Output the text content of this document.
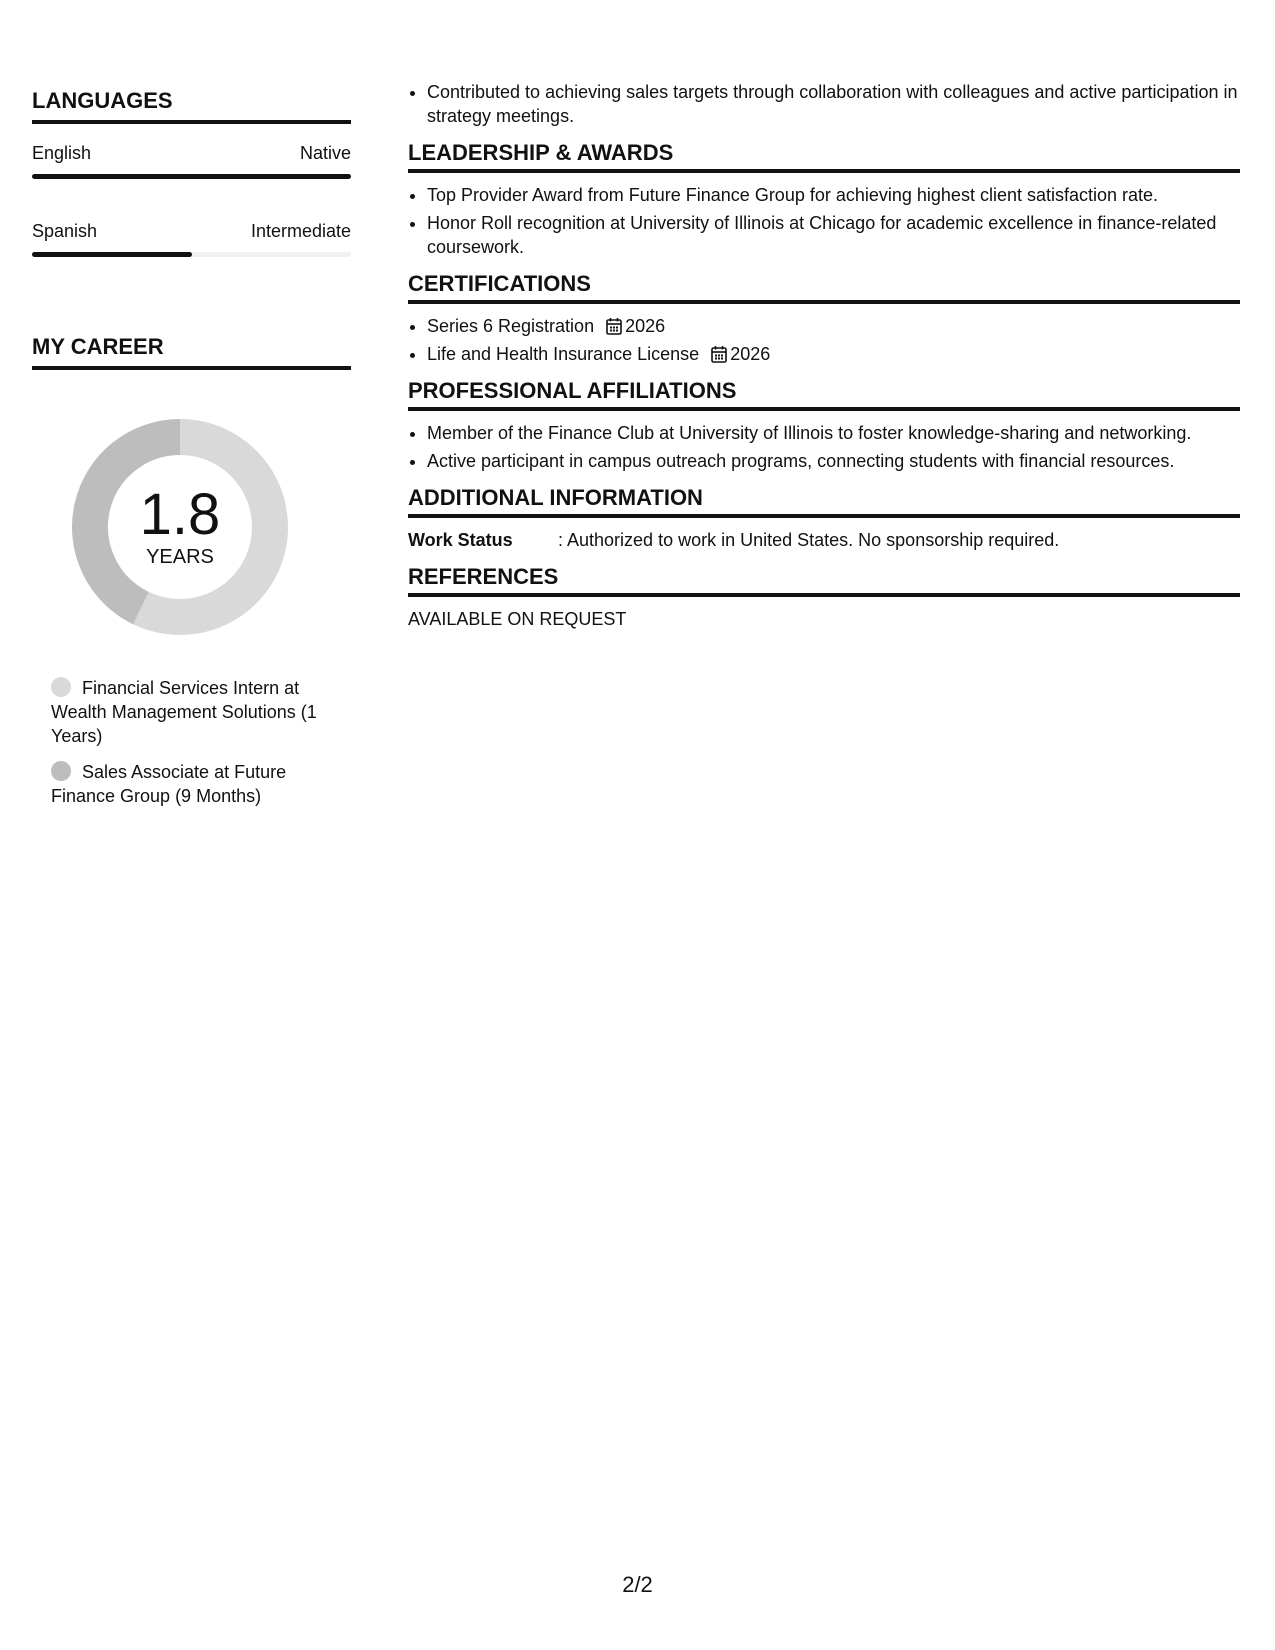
LANGUAGES
English	Native
Spanish	Intermediate
MY CAREER
1.8
YEARS
Financial Services Intern at Wealth Management Solutions (1 Years)
Sales Associate at Future Finance Group (9 Months)
• Contributed to achieving sales targets through collaboration with colleagues and active participation in strategy meetings.
LEADERSHIP & AWARDS
• Top Provider Award from Future Finance Group for achieving highest client satisfaction rate.
• Honor Roll recognition at University of Illinois at Chicago for academic excellence in finance-related coursework.
CERTIFICATIONS
• Series 6 Registration 2026
• Life and Health Insurance License 2026
PROFESSIONAL AFFILIATIONS
• Member of the Finance Club at University of Illinois to foster knowledge-sharing and networking.
• Active participant in campus outreach programs, connecting students with financial resources.
ADDITIONAL INFORMATION
Work Status	: Authorized to work in United States. No sponsorship required.
REFERENCES
AVAILABLE ON REQUEST
2/2
